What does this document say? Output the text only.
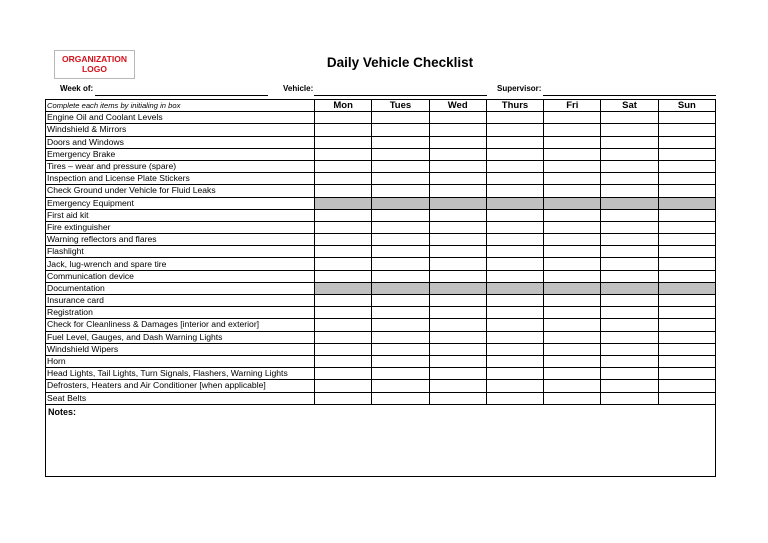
ORGANIZATION
LOGO	Daily Vehicle Checklist
Week of:	Vehicle:	Supervisor:
Complete each items by initialing in box	Mon	Tues	Wed	Thurs	Fri	Sat	Sun
Engine Oil and Coolant Levels							
Windshield & Mirrors							
Doors and Windows							
Emergency Brake							
Tires – wear and pressure (spare)							
Inspection and License Plate Stickers							
Check Ground under Vehicle for Fluid Leaks							
Emergency Equipment							
First aid kit							
Fire extinguisher							
Warning reflectors and flares							
Flashlight							
Jack, lug-wrench and spare tire							
Communication device							
Documentation							
Insurance card							
Registration							
Check for Cleanliness & Damages [interior and exterior]							
Fuel Level, Gauges, and Dash Warning Lights							
Windshield Wipers							
Horn							
Head Lights, Tail Lights, Turn Signals, Flashers, Warning Lights							
Defrosters, Heaters and Air Conditioner [when applicable]							
Seat Belts							
Notes:
